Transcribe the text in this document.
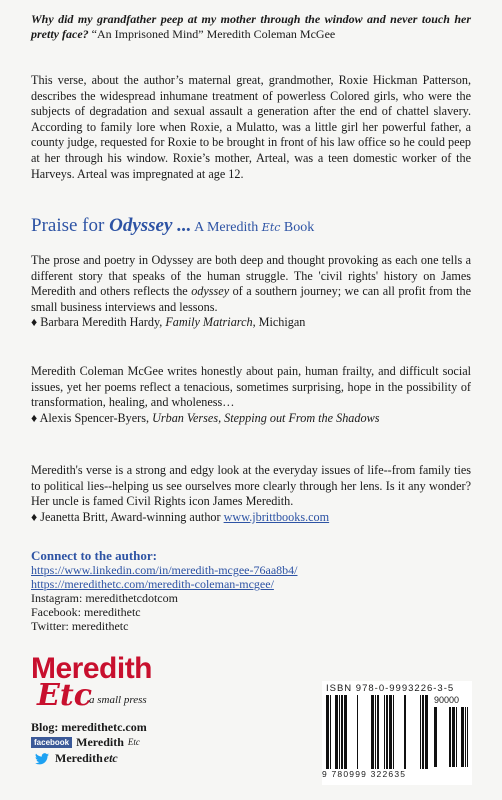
Why did my grandfather peep at my mother through the window and never touch her pretty face? “An Imprisoned Mind” Meredith Coleman McGee
This verse, about the author’s maternal great, grandmother, Roxie Hickman Patterson, describes the widespread inhumane treatment of powerless Colored girls, who were the subjects of degradation and sexual assault a generation after the end of chattel slavery. According to family lore when Roxie, a Mulatto, was a little girl her powerful father, a county judge, requested for Roxie to be brought in front of his law office so he could peep at her through his window. Roxie’s mother, Arteal, was a teen domestic worker of the Harveys. Arteal was impregnated at age 12.
Praise for Odyssey ... A Meredith Etc Book
The prose and poetry in Odyssey are both deep and thought provoking as each one tells a different story that speaks of the human struggle. The 'civil rights' history on James Meredith and others reflects the odyssey of a southern journey; we can all profit from the small business interviews and lessons.
♦ Barbara Meredith Hardy, Family Matriarch, Michigan
Meredith Coleman McGee writes honestly about pain, human frailty, and difficult social issues, yet her poems reflect a tenacious, sometimes surprising, hope in the possibility of transformation, healing, and wholeness…
♦ Alexis Spencer-Byers, Urban Verses, Stepping out From the Shadows
Meredith's verse is a strong and edgy look at the everyday issues of life--from family ties to political lies--helping us see ourselves more clearly through her lens. Is it any wonder? Her uncle is famed Civil Rights icon James Meredith.
♦ Jeanetta Britt, Award-winning author www.jbrittbooks.com
Connect to the author:
https://www.linkedin.com/in/meredith-mcgee-76aa8b4/
https://meredithetc.com/meredith-coleman-mcgee/
Instagram: meredithetcdotcom
Facebook: meredithetc
Twitter: meredithetc
Meredith
Etc
a small press
Blog: meredithetc.com
facebook Meredith Etc
Meredith etc
ISBN 978-0-9993226-3-5
90000
9 780999 322635
